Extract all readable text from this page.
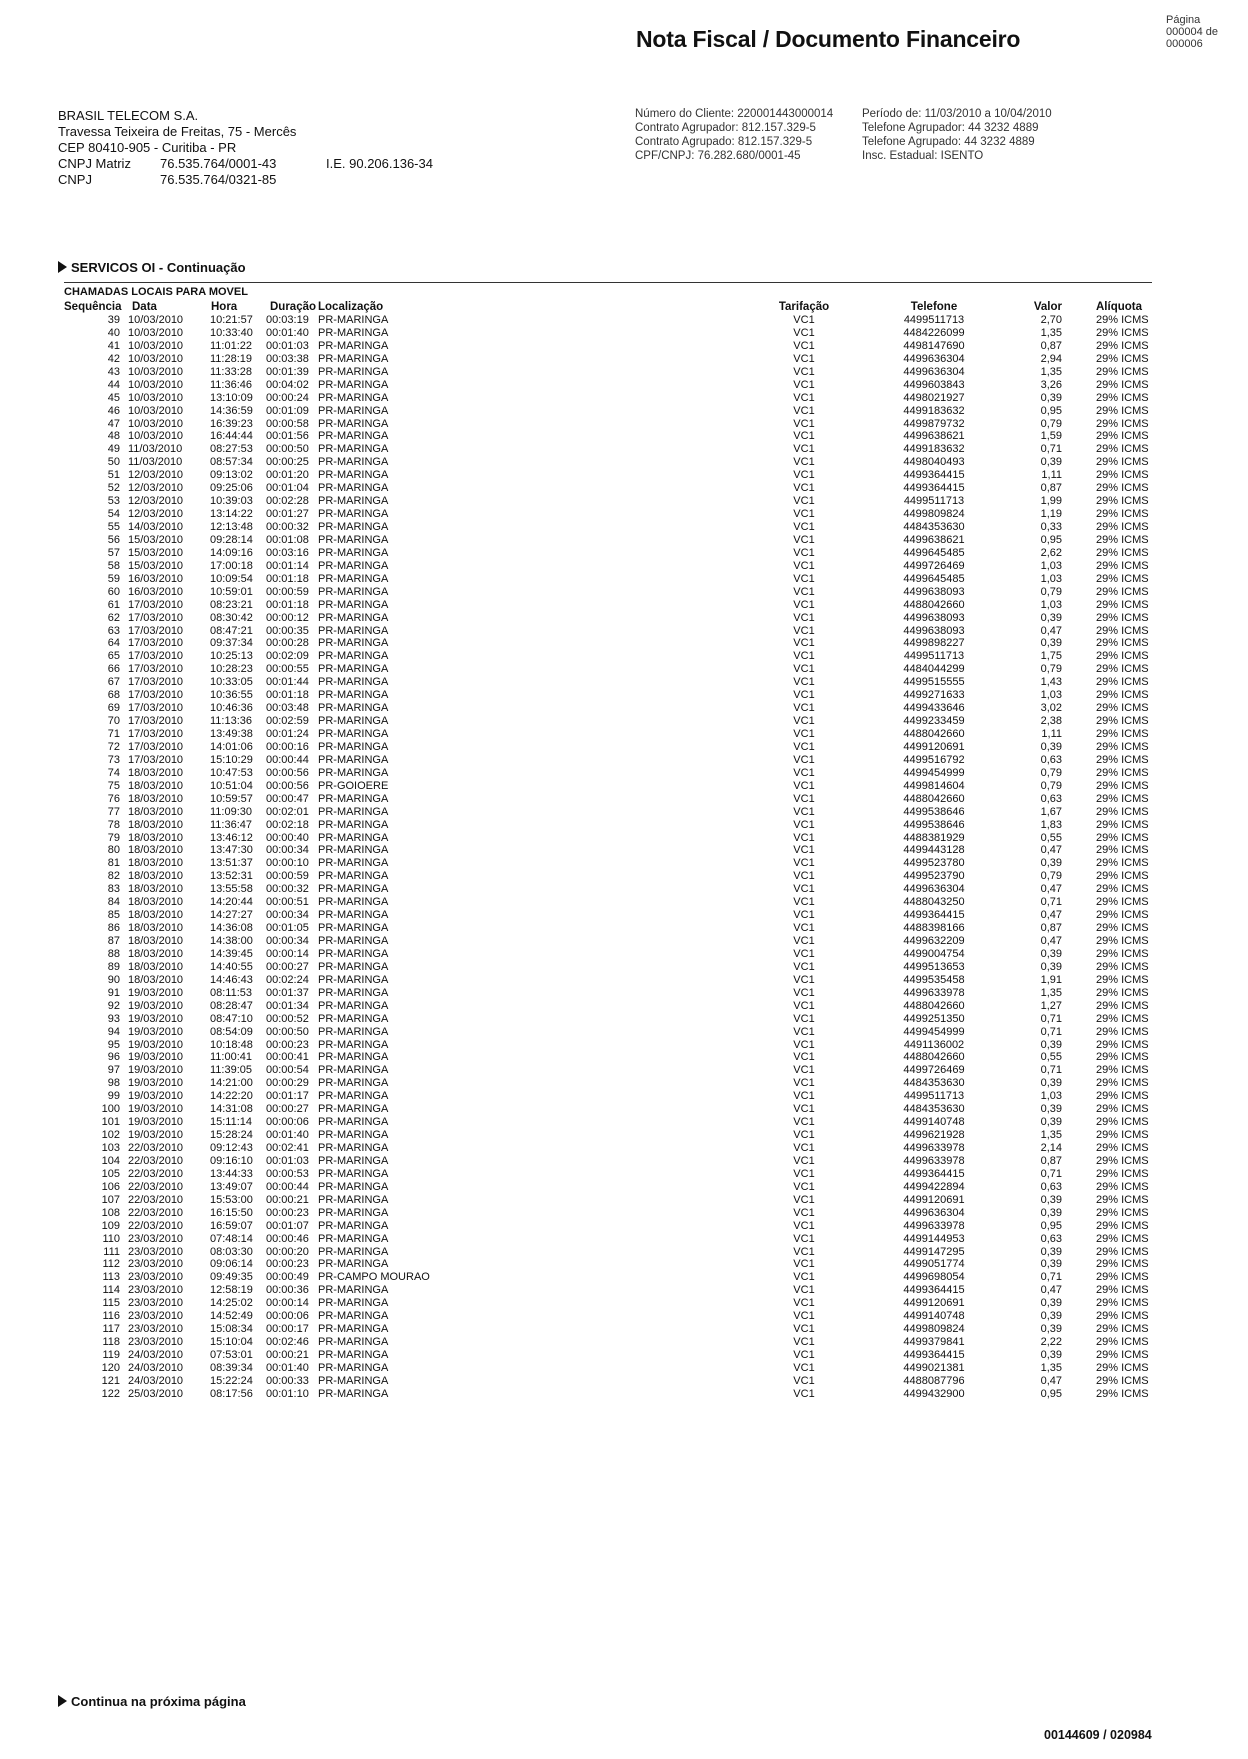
Nota Fiscal / Documento Financeiro
Página
000004 de
000006
BRASIL TELECOM S.A.
Travessa Teixeira de Freitas, 75 - Mercês
CEP 80410-905 - Curitiba - PR
CNPJ Matriz 76.535.764/0001-43
CNPJ	76.535.764/0321-85
I.E. 90.206.136-34
Número do Cliente: 220001443000014
Contrato Agrupador: 812.157.329-5
Contrato Agrupado: 812.157.329-5
CPF/CNPJ: 76.282.680/0001-45
Período de: 11/03/2010 a 10/04/2010
Telefone Agrupador: 44 3232 4889
Telefone Agrupado: 44 3232 4889
Insc. Estadual: ISENTO
SERVICOS OI - Continuação
CHAMADAS LOCAIS PARA MOVEL
Sequência Data	Hora	Duração Localização	Tarifação	Telefone	Valor	Alíquota
39 10/03/2010 10:21:57 00:03:19 PR-MARINGA	VC1	4499511713	2,70	29% ICMS
40 10/03/2010 10:33:40 00:01:40 PR-MARINGA	VC1	4484226099	1,35	29% ICMS
41 10/03/2010 11:01:22 00:01:03 PR-MARINGA	VC1	4498147690	0,87	29% ICMS
42 10/03/2010 11:28:19 00:03:38 PR-MARINGA	VC1	4499636304	2,94	29% ICMS
43 10/03/2010 11:33:28 00:01:39 PR-MARINGA	VC1	4499636304	1,35	29% ICMS
44 10/03/2010 11:36:46 00:04:02 PR-MARINGA	VC1	4499603843	3,26	29% ICMS
45 10/03/2010 13:10:09 00:00:24 PR-MARINGA	VC1	4498021927	0,39	29% ICMS
46 10/03/2010 14:36:59 00:01:09 PR-MARINGA	VC1	4499183632	0,95	29% ICMS
47 10/03/2010 16:39:23 00:00:58 PR-MARINGA	VC1	4499879732	0,79	29% ICMS
48 10/03/2010 16:44:44 00:01:56 PR-MARINGA	VC1	4499638621	1,59	29% ICMS
49 11/03/2010	08:27:53 00:00:50 PR-MARINGA	VC1	4499183632	0,71	29% ICMS
50 11/03/2010	08:57:34 00:00:25 PR-MARINGA	VC1	4498040493	0,39	29% ICMS
51 12/03/2010 09:13:02 00:01:20 PR-MARINGA	VC1	4499364415	1,11	29% ICMS
52 12/03/2010 09:25:06 00:01:04 PR-MARINGA	VC1	4499364415	0,87	29% ICMS
53 12/03/2010 10:39:03 00:02:28 PR-MARINGA	VC1	4499511713	1,99	29% ICMS
54 12/03/2010 13:14:22 00:01:27 PR-MARINGA	VC1	4499809824	1,19	29% ICMS
55 14/03/2010 12:13:48 00:00:32 PR-MARINGA	VC1	4484353630	0,33	29% ICMS
56 15/03/2010 09:28:14 00:01:08 PR-MARINGA	VC1	4499638621	0,95	29% ICMS
57 15/03/2010 14:09:16 00:03:16 PR-MARINGA	VC1	4499645485	2,62	29% ICMS
58 15/03/2010 17:00:18 00:01:14 PR-MARINGA	VC1	4499726469	1,03	29% ICMS
59 16/03/2010 10:09:54 00:01:18 PR-MARINGA	VC1	4499645485	1,03	29% ICMS
60 16/03/2010 10:59:01 00:00:59 PR-MARINGA	VC1	4499638093	0,79	29% ICMS
61 17/03/2010 08:23:21 00:01:18 PR-MARINGA	VC1	4488042660	1,03	29% ICMS
62 17/03/2010 08:30:42 00:00:12 PR-MARINGA	VC1	4499638093	0,39	29% ICMS
63 17/03/2010 08:47:21 00:00:35 PR-MARINGA	VC1	4499638093	0,47	29% ICMS
64 17/03/2010 09:37:34 00:00:28 PR-MARINGA	VC1	4499898227	0,39	29% ICMS
65 17/03/2010 10:25:13 00:02:09 PR-MARINGA	VC1	4499511713	1,75	29% ICMS
66 17/03/2010 10:28:23 00:00:55 PR-MARINGA	VC1	4484044299	0,79	29% ICMS
67 17/03/2010 10:33:05 00:01:44 PR-MARINGA	VC1	4499515555	1,43	29% ICMS
68 17/03/2010 10:36:55 00:01:18 PR-MARINGA	VC1	4499271633	1,03	29% ICMS
69 17/03/2010 10:46:36 00:03:48 PR-MARINGA	VC1	4499433646	3,02	29% ICMS
70 17/03/2010 11:13:36 00:02:59 PR-MARINGA	VC1	4499233459	2,38	29% ICMS
71 17/03/2010 13:49:38 00:01:24 PR-MARINGA	VC1	4488042660	1,11	29% ICMS
72 17/03/2010 14:01:06 00:00:16 PR-MARINGA	VC1	4499120691	0,39	29% ICMS
73 17/03/2010 15:10:29 00:00:44 PR-MARINGA	VC1	4499516792	0,63	29% ICMS
74 18/03/2010 10:47:53 00:00:56 PR-MARINGA	VC1	4499454999	0,79	29% ICMS
75 18/03/2010 10:51:04 00:00:56 PR-GOIOERE	VC1	4499814604	0,79	29% ICMS
76 18/03/2010 10:59:57 00:00:47 PR-MARINGA	VC1	4488042660	0,63	29% ICMS
77 18/03/2010 11:09:30 00:02:01 PR-MARINGA	VC1	4499538646	1,67	29% ICMS
78 18/03/2010 11:36:47 00:02:18 PR-MARINGA	VC1	4499538646	1,83	29% ICMS
79 18/03/2010 13:46:12 00:00:40 PR-MARINGA	VC1	4488381929	0,55	29% ICMS
80 18/03/2010 13:47:30 00:00:34 PR-MARINGA	VC1	4499443128	0,47	29% ICMS
81 18/03/2010 13:51:37 00:00:10 PR-MARINGA	VC1	4499523780	0,39	29% ICMS
82 18/03/2010 13:52:31 00:00:59 PR-MARINGA	VC1	4499523790	0,79	29% ICMS
83 18/03/2010 13:55:58 00:00:32 PR-MARINGA	VC1	4499636304	0,47	29% ICMS
84 18/03/2010 14:20:44 00:00:51 PR-MARINGA	VC1	4488043250	0,71	29% ICMS
85 18/03/2010 14:27:27 00:00:34 PR-MARINGA	VC1	4499364415	0,47	29% ICMS
86 18/03/2010 14:36:08 00:01:05 PR-MARINGA	VC1	4488398166	0,87	29% ICMS
87 18/03/2010 14:38:00 00:00:34 PR-MARINGA	VC1	4499632209	0,47	29% ICMS
88 18/03/2010 14:39:45 00:00:14 PR-MARINGA	VC1	4499004754	0,39	29% ICMS
89 18/03/2010 14:40:55 00:00:27 PR-MARINGA	VC1	4499513653	0,39	29% ICMS
90 18/03/2010 14:46:43 00:02:24 PR-MARINGA	VC1	4499535458	1,91	29% ICMS
91 19/03/2010 08:11:53 00:01:37 PR-MARINGA	VC1	4499633978	1,35	29% ICMS
92 19/03/2010 08:28:47 00:01:34 PR-MARINGA	VC1	4488042660	1,27	29% ICMS
93 19/03/2010 08:47:10 00:00:52 PR-MARINGA	VC1	4499251350	0,71	29% ICMS
94 19/03/2010 08:54:09 00:00:50 PR-MARINGA	VC1	4499454999	0,71	29% ICMS
95 19/03/2010 10:18:48 00:00:23 PR-MARINGA	VC1	4491136002	0,39	29% ICMS
96 19/03/2010 11:00:41 00:00:41 PR-MARINGA	VC1	4488042660	0,55	29% ICMS
97 19/03/2010 11:39:05 00:00:54 PR-MARINGA	VC1	4499726469	0,71	29% ICMS
98 19/03/2010 14:21:00 00:00:29 PR-MARINGA	VC1	4484353630	0,39	29% ICMS
99 19/03/2010 14:22:20 00:01:17 PR-MARINGA	VC1	4499511713	1,03	29% ICMS
100 19/03/2010 14:31:08 00:00:27 PR-MARINGA	VC1	4484353630	0,39	29% ICMS
101 19/03/2010 15:11:14 00:00:06 PR-MARINGA	VC1	4499140748	0,39	29% ICMS
102 19/03/2010 15:28:24 00:01:40 PR-MARINGA	VC1	4499621928	1,35	29% ICMS
103 22/03/2010 09:12:43 00:02:41 PR-MARINGA	VC1	4499633978	2,14	29% ICMS
104 22/03/2010 09:16:10 00:01:03 PR-MARINGA	VC1	4499633978	0,87	29% ICMS
105 22/03/2010 13:44:33 00:00:53 PR-MARINGA	VC1	4499364415	0,71	29% ICMS
106 22/03/2010 13:49:07 00:00:44 PR-MARINGA	VC1	4499422894	0,63	29% ICMS
107 22/03/2010 15:53:00 00:00:21 PR-MARINGA	VC1	4499120691	0,39	29% ICMS
108 22/03/2010 16:15:50 00:00:23 PR-MARINGA	VC1	4499636304	0,39	29% ICMS
109 22/03/2010 16:59:07 00:01:07 PR-MARINGA	VC1	4499633978	0,95	29% ICMS
110 23/03/2010 07:48:14 00:00:46 PR-MARINGA	VC1	4499144953	0,63	29% ICMS
111 23/03/2010 08:03:30 00:00:20 PR-MARINGA	VC1	4499147295	0,39	29% ICMS
112 23/03/2010 09:06:14 00:00:23 PR-MARINGA	VC1	4499051774	0,39	29% ICMS
113 23/03/2010 09:49:35 00:00:49 PR-CAMPO MOURAO	VC1	4499698054	0,71	29% ICMS
114 23/03/2010 12:58:19 00:00:36 PR-MARINGA	VC1	4499364415	0,47	29% ICMS
115 23/03/2010 14:25:02 00:00:14 PR-MARINGA	VC1	4499120691	0,39	29% ICMS
116 23/03/2010 14:52:49 00:00:06 PR-MARINGA	VC1	4499140748	0,39	29% ICMS
117 23/03/2010 15:08:34 00:00:17 PR-MARINGA	VC1	4499809824	0,39	29% ICMS
118 23/03/2010 15:10:04 00:02:46 PR-MARINGA	VC1	4499379841	2,22	29% ICMS
119 24/03/2010 07:53:01 00:00:21 PR-MARINGA	VC1	4499364415	0,39	29% ICMS
120 24/03/2010 08:39:34 00:01:40 PR-MARINGA	VC1	4499021381	1,35	29% ICMS
121 24/03/2010 15:22:24 00:00:33 PR-MARINGA	VC1	4488087796	0,47	29% ICMS
122 25/03/2010 08:17:56 00:01:10 PR-MARINGA	VC1	4499432900	0,95	29% ICMS
Continua na próxima página
00144609 / 020984
